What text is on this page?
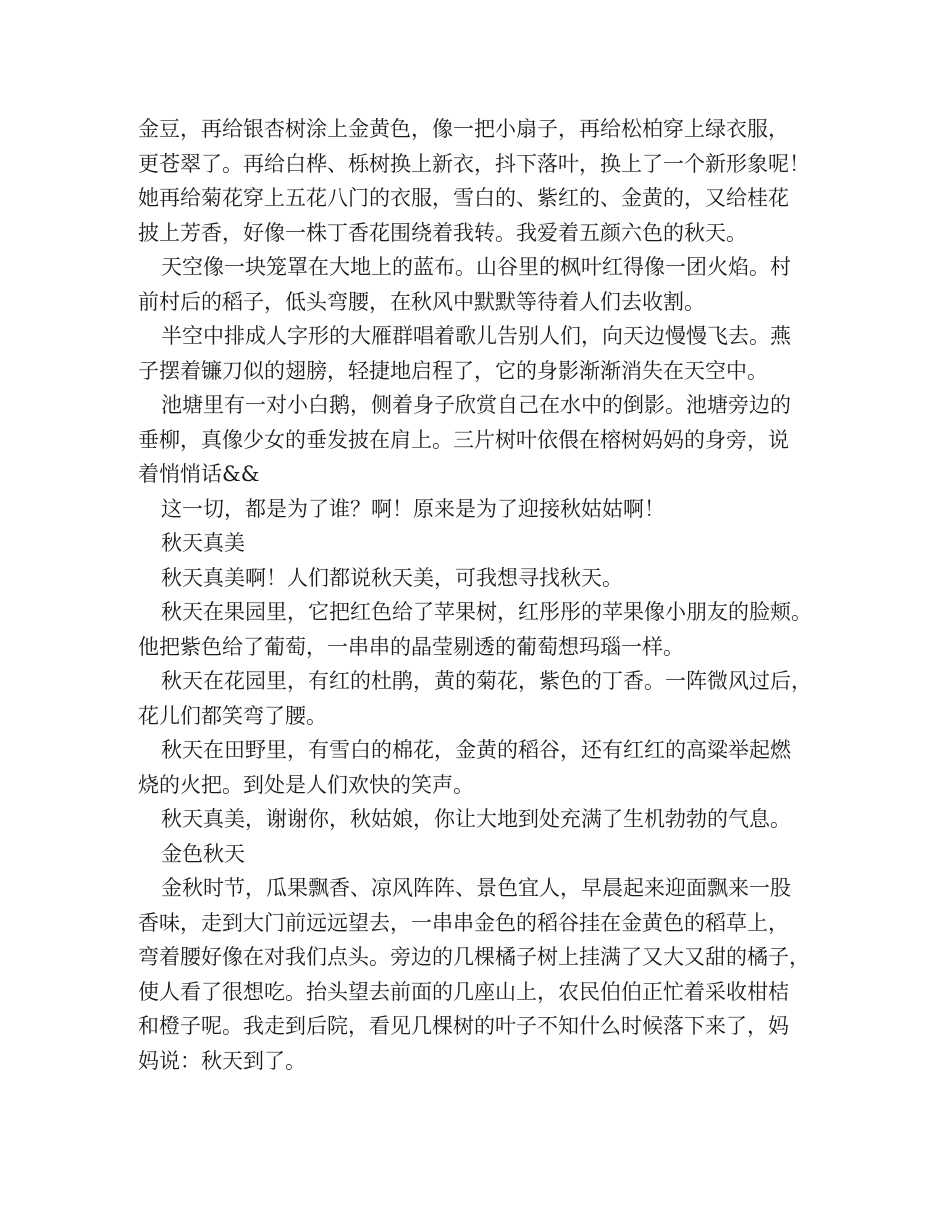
金豆，再给银杏树涂上金黄色，像一把小扇子，再给松柏穿上绿衣服，
更苍翠了。再给白桦、栎树换上新衣，抖下落叶，换上了一个新形象呢！
她再给菊花穿上五花八门的衣服，雪白的、紫红的、金黄的，又给桂花
披上芳香，好像一株丁香花围绕着我转。我爱着五颜六色的秋天。
天空像一块笼罩在大地上的蓝布。山谷里的枫叶红得像一团火焰。村
前村后的稻子，低头弯腰，在秋风中默默等待着人们去收割。
半空中排成人字形的大雁群唱着歌儿告别人们，向天边慢慢飞去。燕
子摆着镰刀似的翅膀，轻捷地启程了，它的身影渐渐消失在天空中。
池塘里有一对小白鹅，侧着身子欣赏自己在水中的倒影。池塘旁边的
垂柳，真像少女的垂发披在肩上。三片树叶依偎在榕树妈妈的身旁，说
着悄悄话&&
这一切，都是为了谁？啊！原来是为了迎接秋姑姑啊！
秋天真美
秋天真美啊！人们都说秋天美，可我想寻找秋天。
秋天在果园里，它把红色给了苹果树，红彤彤的苹果像小朋友的脸颊。
他把紫色给了葡萄，一串串的晶莹剔透的葡萄想玛瑙一样。
秋天在花园里，有红的杜鹃，黄的菊花，紫色的丁香。一阵微风过后，
花儿们都笑弯了腰。
秋天在田野里，有雪白的棉花，金黄的稻谷，还有红红的高粱举起燃
烧的火把。到处是人们欢快的笑声。
秋天真美，谢谢你，秋姑娘，你让大地到处充满了生机勃勃的气息。
金色秋天
金秋时节，瓜果飘香、凉风阵阵、景色宜人，早晨起来迎面飘来一股
香味，走到大门前远远望去，一串串金色的稻谷挂在金黄色的稻草上，
弯着腰好像在对我们点头。旁边的几棵橘子树上挂满了又大又甜的橘子，
使人看了很想吃。抬头望去前面的几座山上，农民伯伯正忙着采收柑桔
和橙子呢。我走到后院，看见几棵树的叶子不知什么时候落下来了，妈
妈说：秋天到了。
